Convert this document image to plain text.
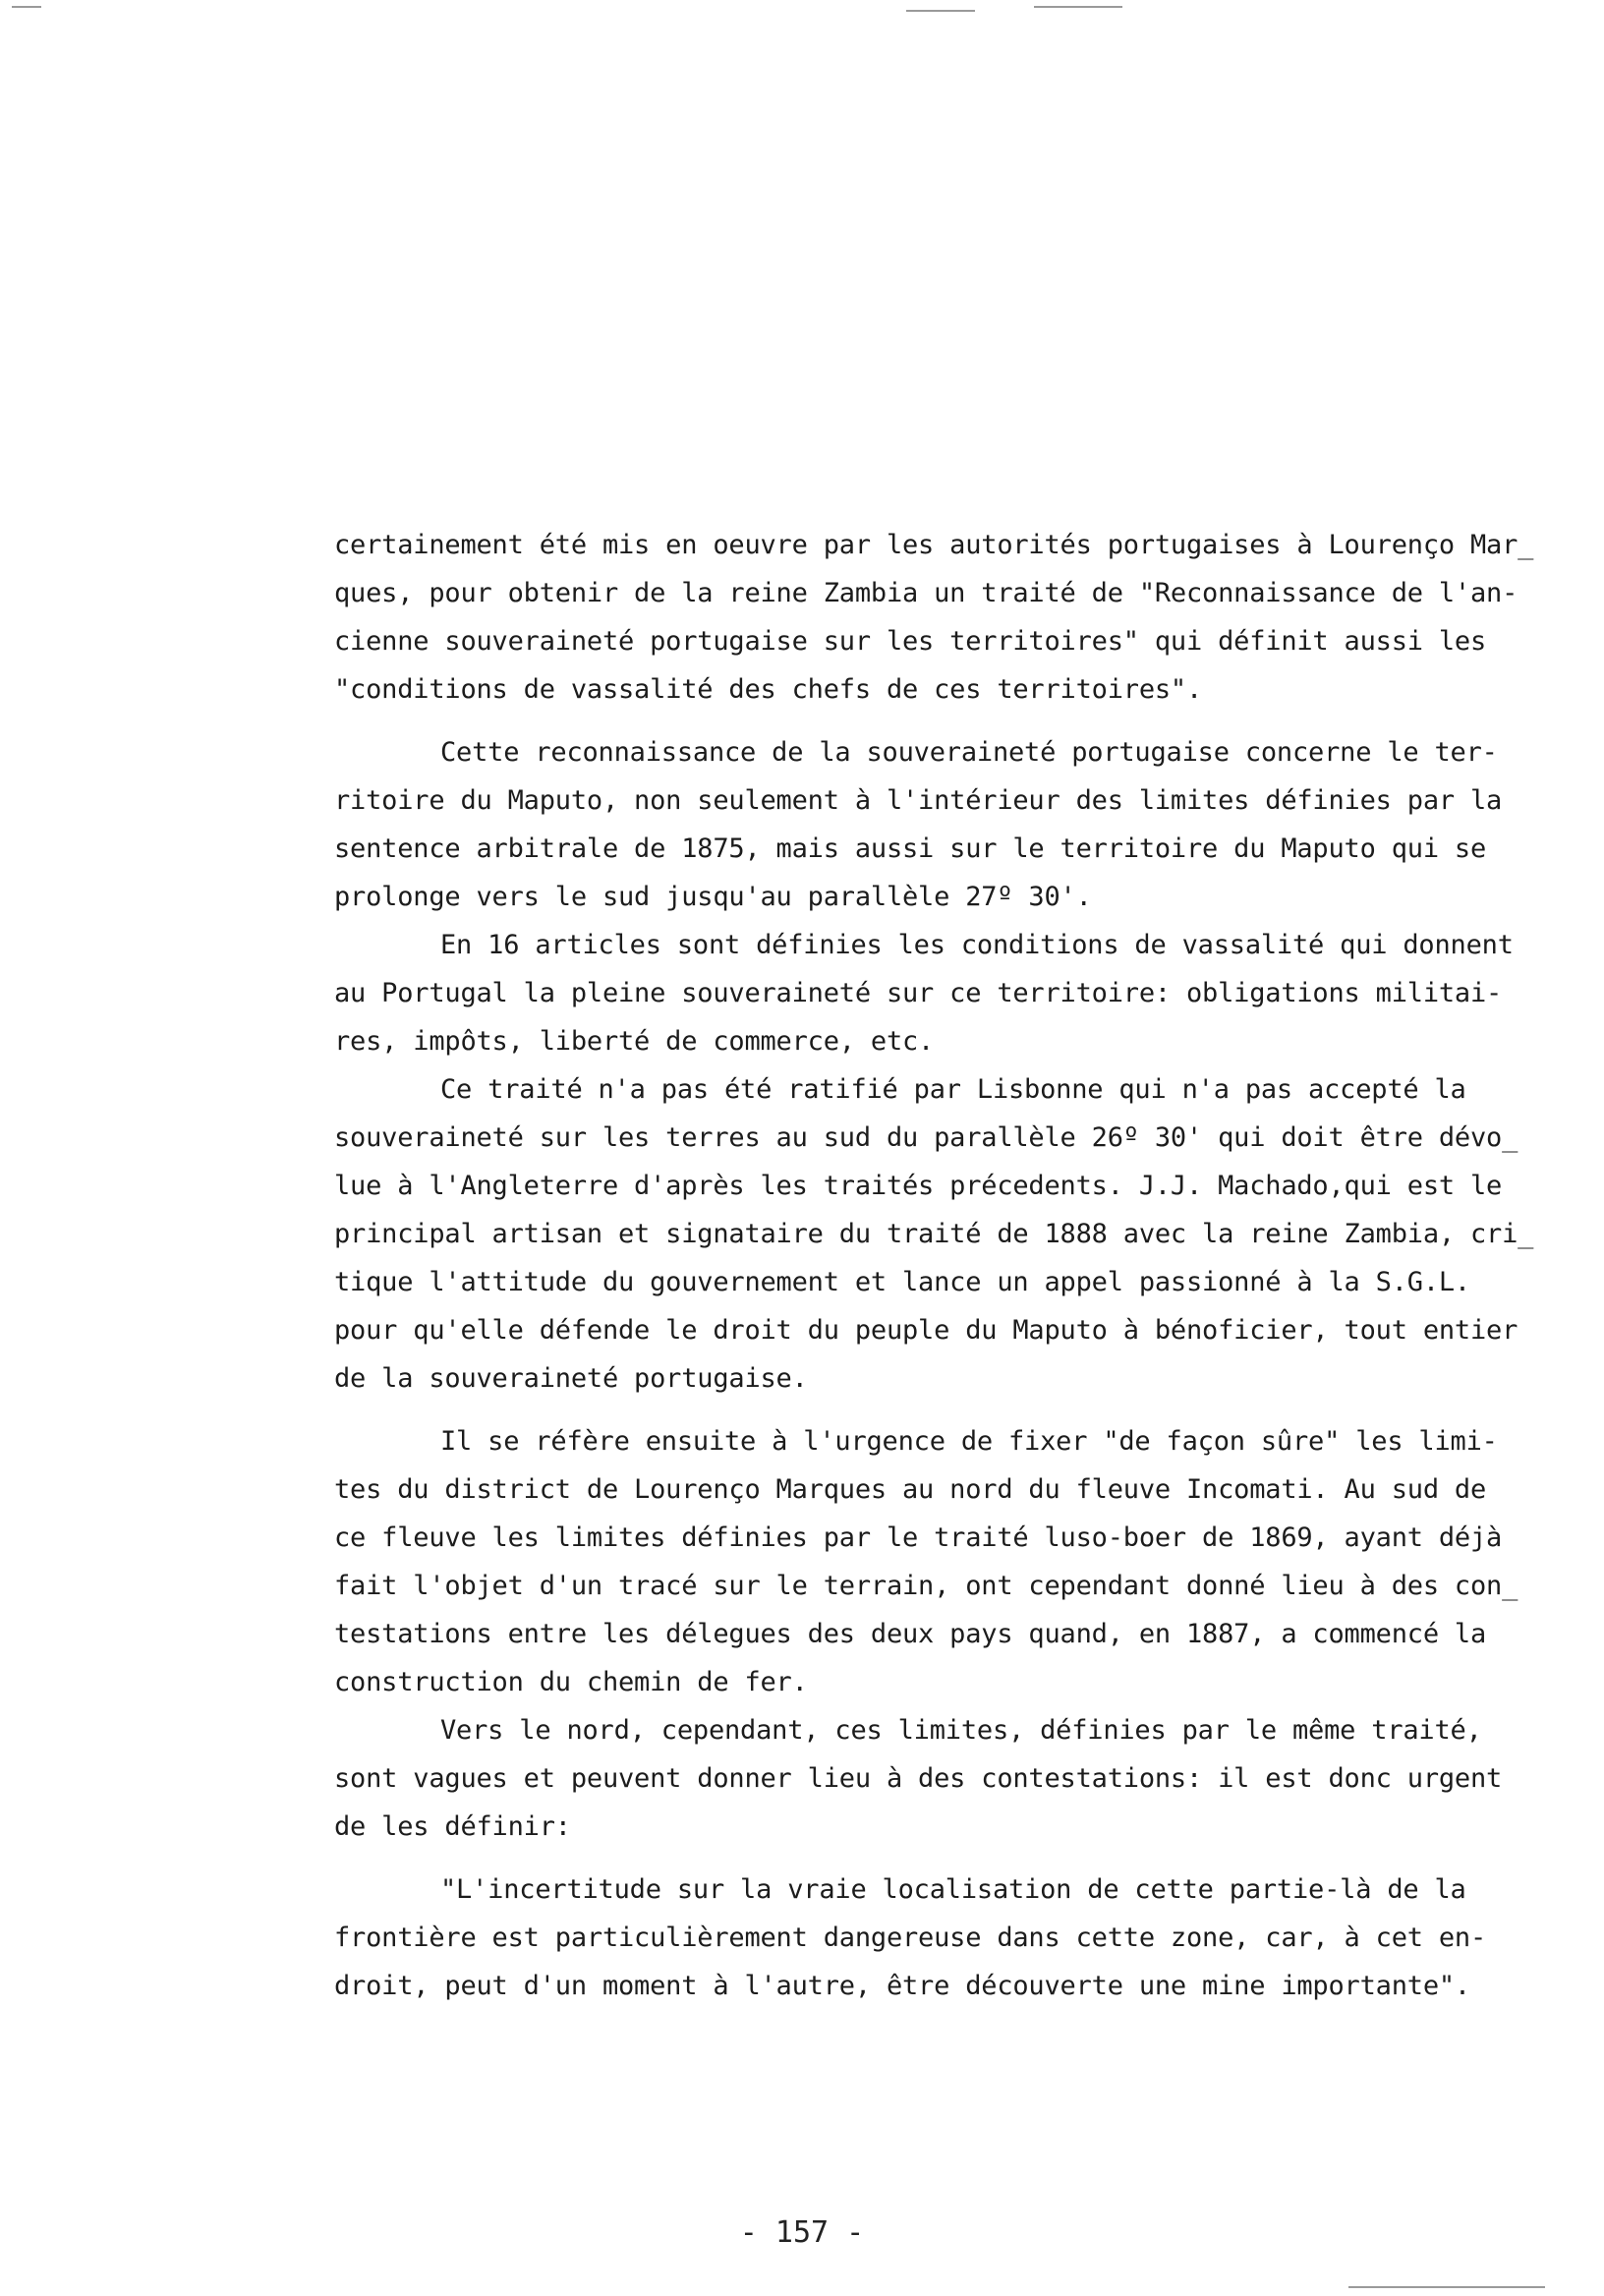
certainement été mis en oeuvre par les autorités portugaises à Lourenço Mar_
ques, pour obtenir de la reine Zambia un traité de "Reconnaissance de l'an-
cienne souveraineté portugaise sur les territoires" qui définit aussi les
"conditions de vassalité des chefs de ces territoires".
Cette reconnaissance de la souveraineté portugaise concerne le ter-
ritoire du Maputo, non seulement à l'intérieur des limites définies par la
sentence arbitrale de 1875, mais aussi sur le territoire du Maputo qui se
prolonge vers le sud jusqu'au parallèle 27º 30'.
En 16 articles sont définies les conditions de vassalité qui donnent
au Portugal la pleine souveraineté sur ce territoire: obligations militai-
res, impôts, liberté de commerce, etc.
Ce traité n'a pas été ratifié par Lisbonne qui n'a pas accepté la
souveraineté sur les terres au sud du parallèle 26º 30' qui doit être dévo_
lue à l'Angleterre d'après les traités précedents. J.J. Machado,qui est le
principal artisan et signataire du traité de 1888 avec la reine Zambia, cri_
tique l'attitude du gouvernement et lance un appel passionné à la S.G.L.
pour qu'elle défende le droit du peuple du Maputo à bénoficier, tout entier
de la souveraineté portugaise.
Il se réfère ensuite à l'urgence de fixer "de façon sûre" les limi-
tes du district de Lourenço Marques au nord du fleuve Incomati. Au sud de
ce fleuve les limites définies par le traité luso-boer de 1869, ayant déjà
fait l'objet d'un tracé sur le terrain, ont cependant donné lieu à des con_
testations entre les délegues des deux pays quand, en 1887, a commencé la
construction du chemin de fer.
Vers le nord, cependant, ces limites, définies par le même traité,
sont vagues et peuvent donner lieu à des contestations: il est donc urgent
de les définir:
"L'incertitude sur la vraie localisation de cette partie-là de la
frontière est particulièrement dangereuse dans cette zone, car, à cet en-
droit, peut d'un moment à l'autre, être découverte une mine importante".
- 157 -
